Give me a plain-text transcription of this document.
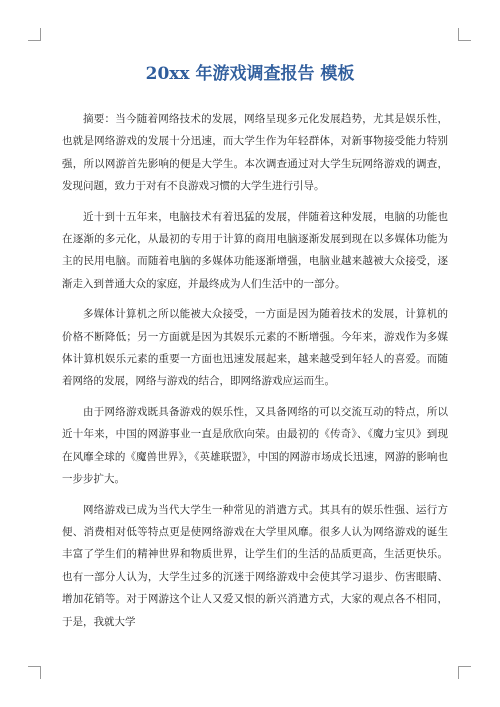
20xx 年游戏调查报告 模板

摘要：当今随着网络技术的发展，网络呈现多元化发展趋势，尤其是娱乐性，也就是网络游戏的发展十分迅速，而大学生作为年轻群体，对新事物接受能力特别强，所以网游首先影响的便是大学生。本次调查通过对大学生玩网络游戏的调查，发现问题，致力于对有不良游戏习惯的大学生进行引导。

近十到十五年来，电脑技术有着迅猛的发展，伴随着这种发展，电脑的功能也在逐渐的多元化，从最初的专用于计算的商用电脑逐渐发展到现在以多媒体功能为主的民用电脑。而随着电脑的多媒体功能逐渐增强，电脑业越来越被大众接受，逐渐走入到普通大众的家庭，并最终成为人们生活中的一部分。

多媒体计算机之所以能被大众接受，一方面是因为随着技术的发展，计算机的价格不断降低；另一方面就是因为其娱乐元素的不断增强。今年来，游戏作为多媒体计算机娱乐元素的重要一方面也迅速发展起来，越来越受到年轻人的喜爱。而随着网络的发展，网络与游戏的结合，即网络游戏应运而生。

由于网络游戏既具备游戏的娱乐性，又具备网络的可以交流互动的特点，所以近十年来，中国的网游事业一直是欣欣向荣。由最初的《传奇》、《魔力宝贝》到现在风靡全球的《魔兽世界》，《英雄联盟》，中国的网游市场成长迅速，网游的影响也一步步扩大。

网络游戏已成为当代大学生一种常见的消遣方式。其具有的娱乐性强、运行方便、消费相对低等特点更是使网络游戏在大学里风靡。很多人认为网络游戏的诞生丰富了学生们的精神世界和物质世界，让学生们的生活的品质更高，生活更快乐。也有一部分人认为，大学生过多的沉迷于网络游戏中会使其学习退步、伤害眼睛、增加花销等。对于网游这个让人又爱又恨的新兴消遣方式，大家的观点各不相同，于是，我就大学
